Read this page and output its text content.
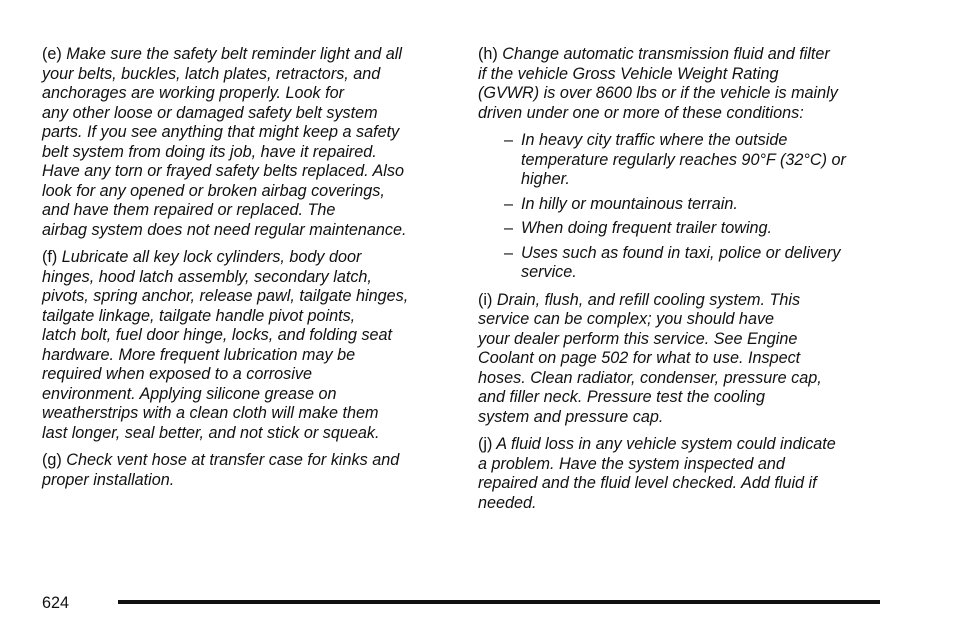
(e) Make sure the safety belt reminder light and all
your belts, buckles, latch plates, retractors, and
anchorages are working properly. Look for
any other loose or damaged safety belt system
parts. If you see anything that might keep a safety
belt system from doing its job, have it repaired.
Have any torn or frayed safety belts replaced. Also
look for any opened or broken airbag coverings,
and have them repaired or replaced. The
airbag system does not need regular maintenance.

(f) Lubricate all key lock cylinders, body door
hinges, hood latch assembly, secondary latch,
pivots, spring anchor, release pawl, tailgate hinges,
tailgate linkage, tailgate handle pivot points,
latch bolt, fuel door hinge, locks, and folding seat
hardware. More frequent lubrication may be
required when exposed to a corrosive
environment. Applying silicone grease on
weatherstrips with a clean cloth will make them
last longer, seal better, and not stick or squeak.

(g) Check vent hose at transfer case for kinks and
proper installation.

(h) Change automatic transmission fluid and filter
if the vehicle Gross Vehicle Weight Rating
(GVWR) is over 8600 lbs or if the vehicle is mainly
driven under one or more of these conditions:

– In heavy city traffic where the outside
temperature regularly reaches 90°F (32°C) or
higher.
– In hilly or mountainous terrain.
– When doing frequent trailer towing.
– Uses such as found in taxi, police or delivery
service.

(i) Drain, flush, and refill cooling system. This
service can be complex; you should have
your dealer perform this service. See Engine
Coolant on page 502 for what to use. Inspect
hoses. Clean radiator, condenser, pressure cap,
and filler neck. Pressure test the cooling
system and pressure cap.

(j) A fluid loss in any vehicle system could indicate
a problem. Have the system inspected and
repaired and the fluid level checked. Add fluid if
needed.

624
